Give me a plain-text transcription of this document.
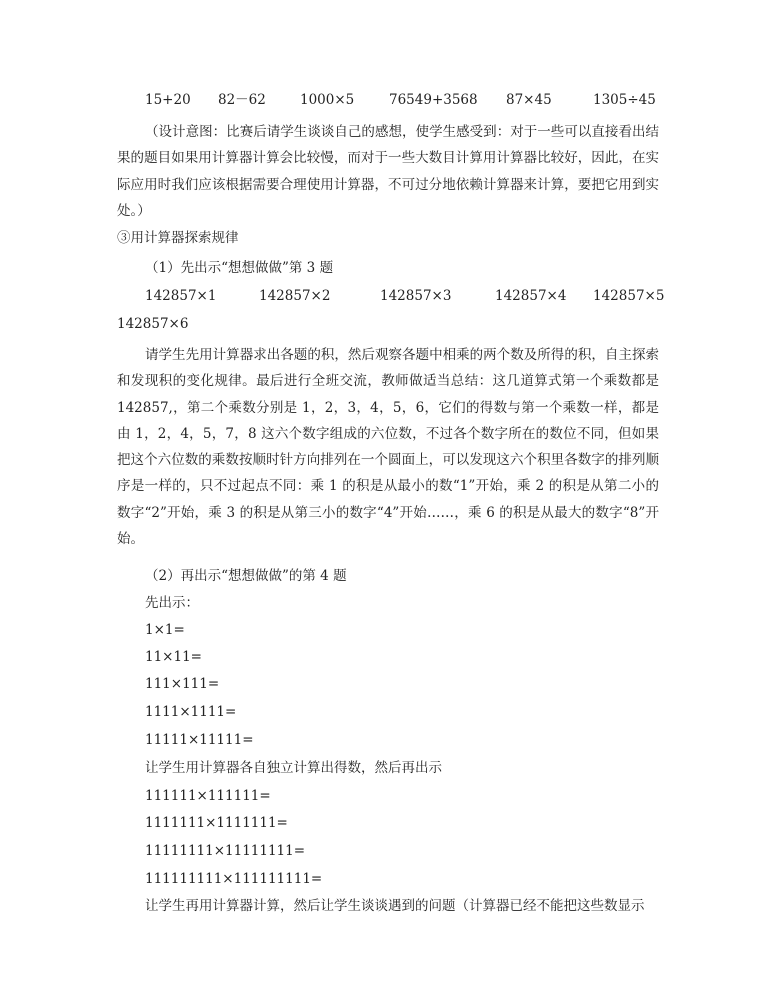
15+20 82－62	1000×5	76549+3568 87×45	1305÷45
（设计意图：比赛后请学生谈谈自己的感想，使学生感受到：对于一些可以直接看出结果的题目如果用计算器计算会比较慢，而对于一些大数目计算用计算器比较好，因此，在实际应用时我们应该根据需要合理使用计算器，不可过分地依赖计算器来计算，要把它用到实处。）
③用计算器探索规律
（1）先出示“想想做做”第 3 题
142857×1	142857×2	142857×3	142857×4 142857×5
142857×6
请学生先用计算器求出各题的积，然后观察各题中相乘的两个数及所得的积，自主探索和发现积的变化规律。最后进行全班交流，教师做适当总结：这几道算式第一个乘数都是 142857,，第二个乘数分别是 1，2，3，4，5，6，它们的得数与第一个乘数一样，都是由 1，2，4，5，7，8 这六个数字组成的六位数，不过各个数字所在的数位不同，但如果把这个六位数的乘数按顺时针方向排列在一个圆面上，可以发现这六个积里各数字的排列顺序是一样的，只不过起点不同：乘 1 的积是从最小的数“1”开始，乘 2 的积是从第二小的数字“2”开始，乘 3 的积是从第三小的数字“4”开始……，乘 6 的积是从最大的数字“8”开始。
（2）再出示“想想做做”的第 4 题
先出示：
1×1=
11×11=
111×111=
1111×1111=
11111×11111=
让学生用计算器各自独立计算出得数，然后再出示
111111×111111=
1111111×1111111=
11111111×11111111=
111111111×111111111=
让学生再用计算器计算，然后让学生谈谈遇到的问题（计算器已经不能把这些数显示
